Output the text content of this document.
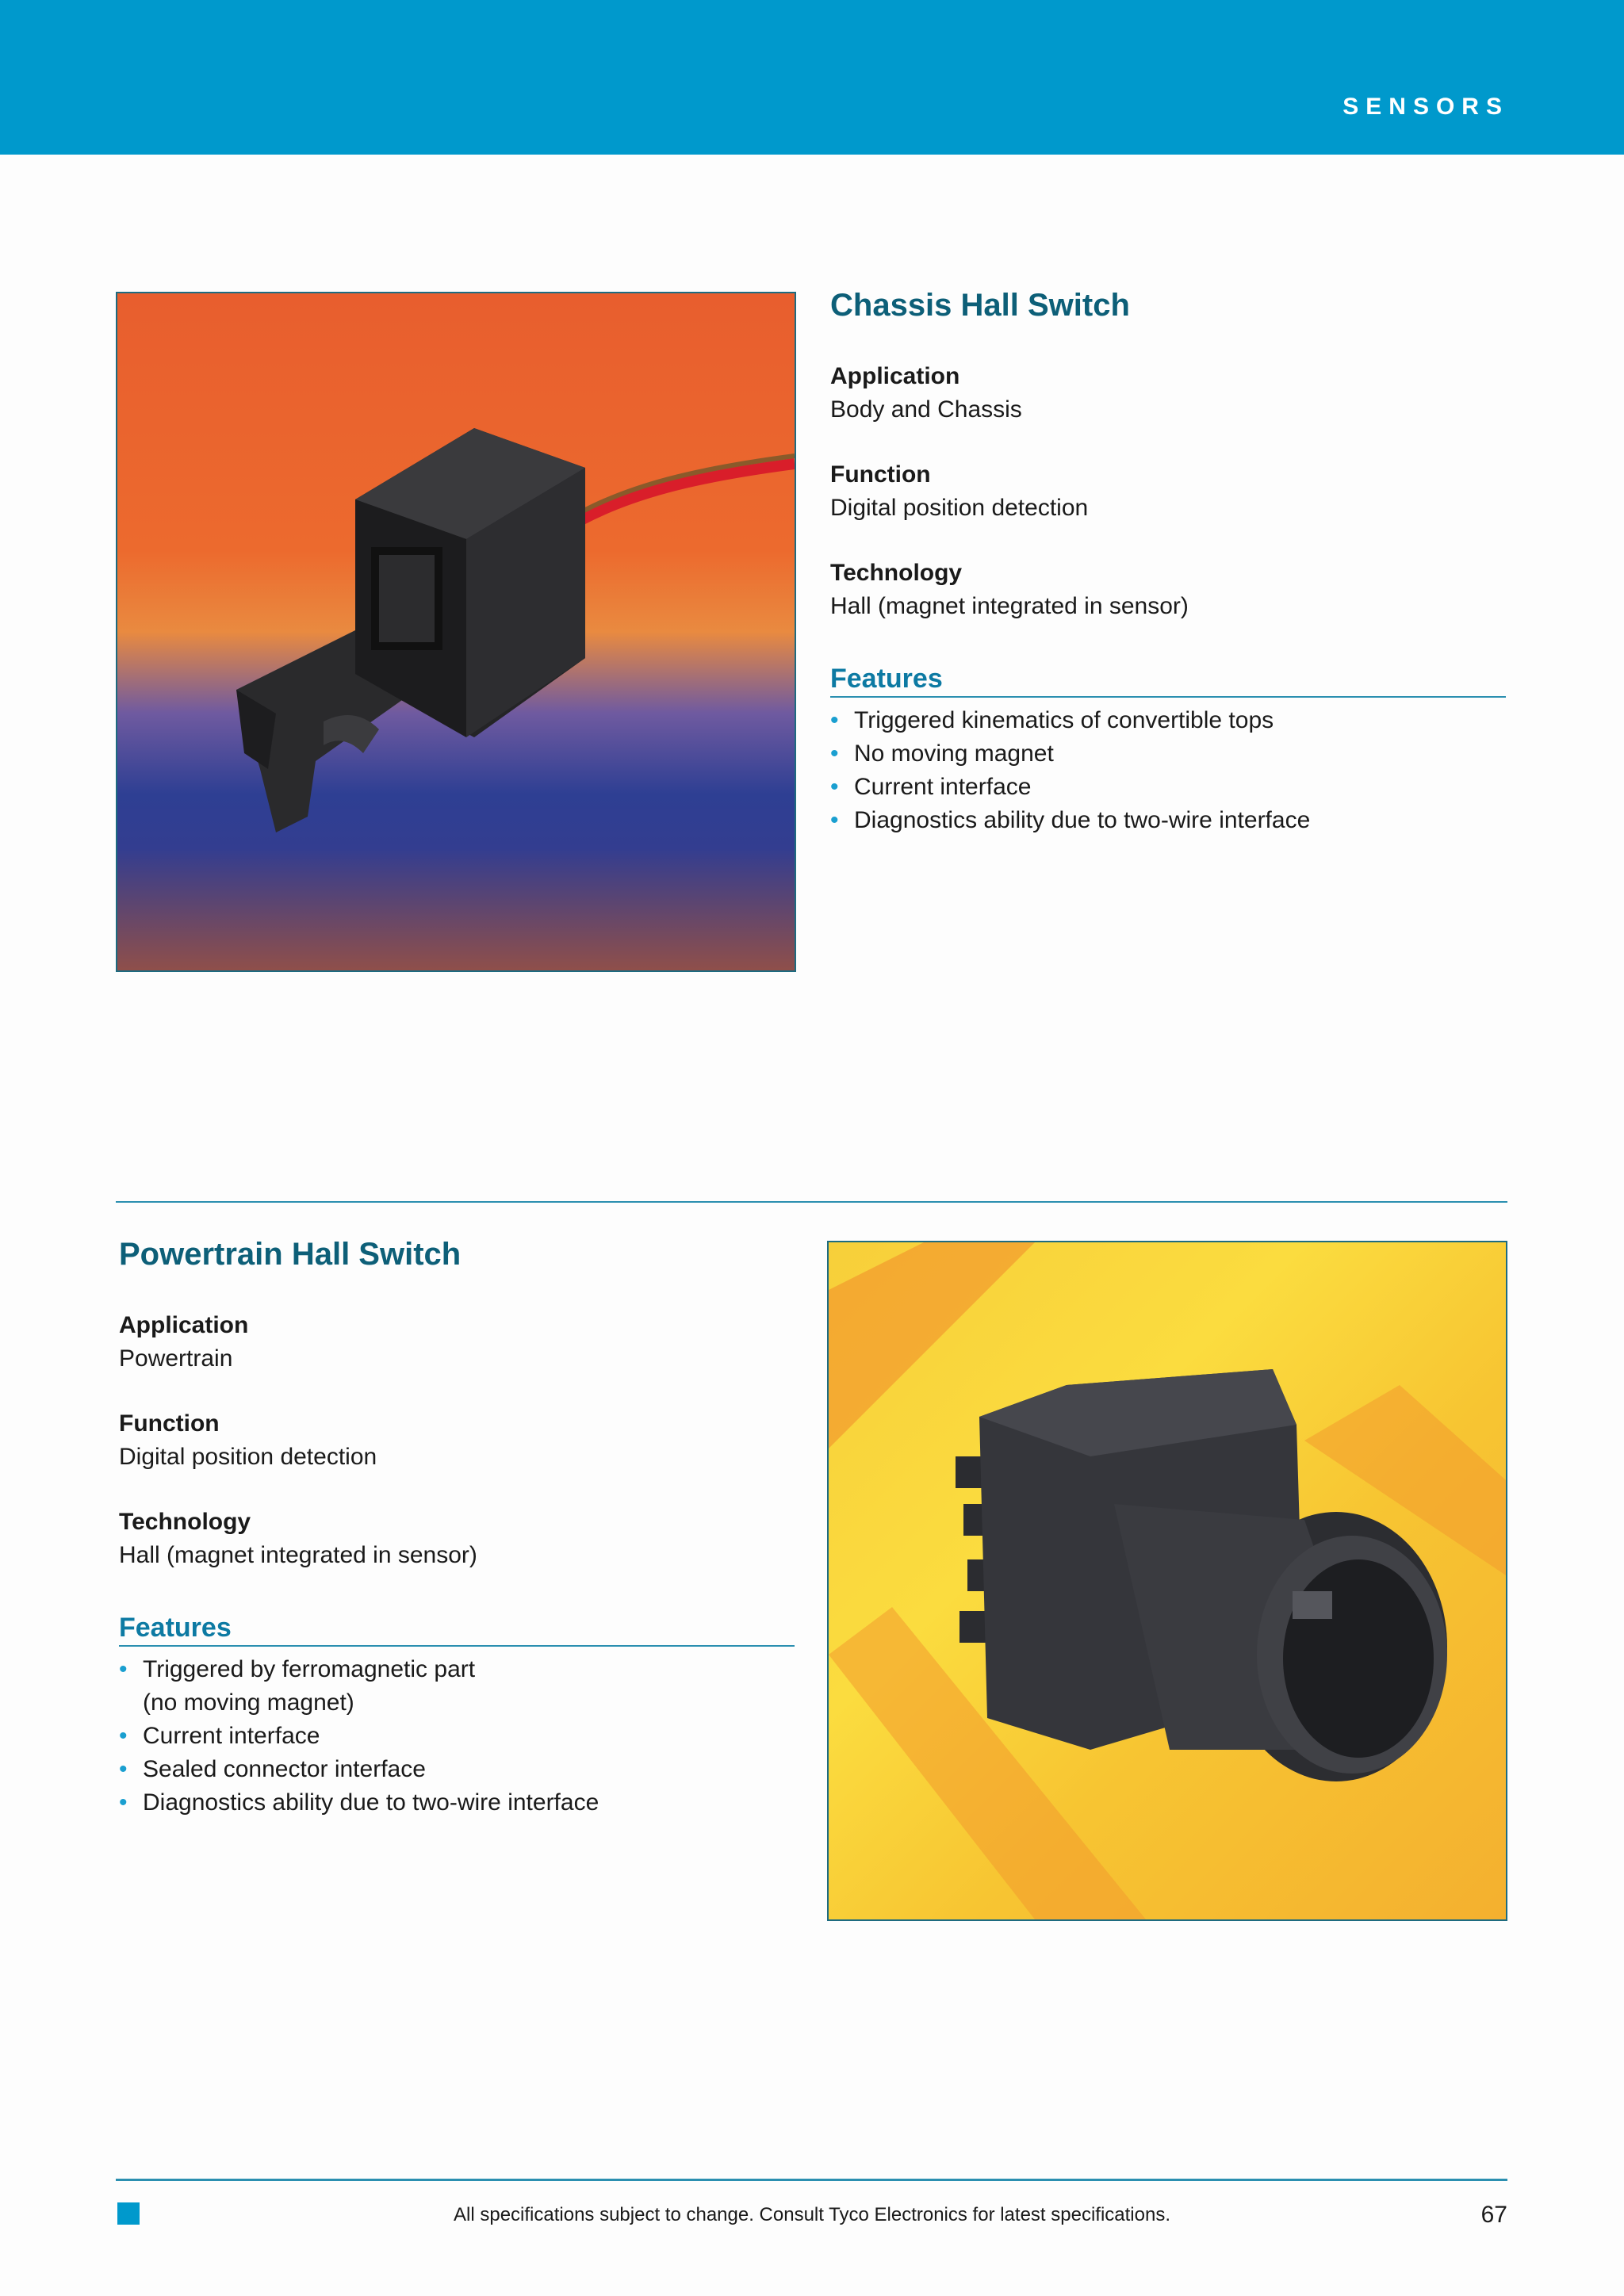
SENSORS
Chassis Hall Switch
Application
Body and Chassis
Function
Digital position detection
Technology
Hall (magnet integrated in sensor)
Features
• Triggered kinematics of convertible tops
• No moving magnet
• Current interface
• Diagnostics ability due to two-wire interface
Powertrain Hall Switch
Application
Powertrain
Function
Digital position detection
Technology
Hall (magnet integrated in sensor)
Features
• Triggered by ferromagnetic part
(no moving magnet)
• Current interface
• Sealed connector interface
• Diagnostics ability due to two-wire interface
All specifications subject to change. Consult Tyco Electronics for latest specifications.	67
